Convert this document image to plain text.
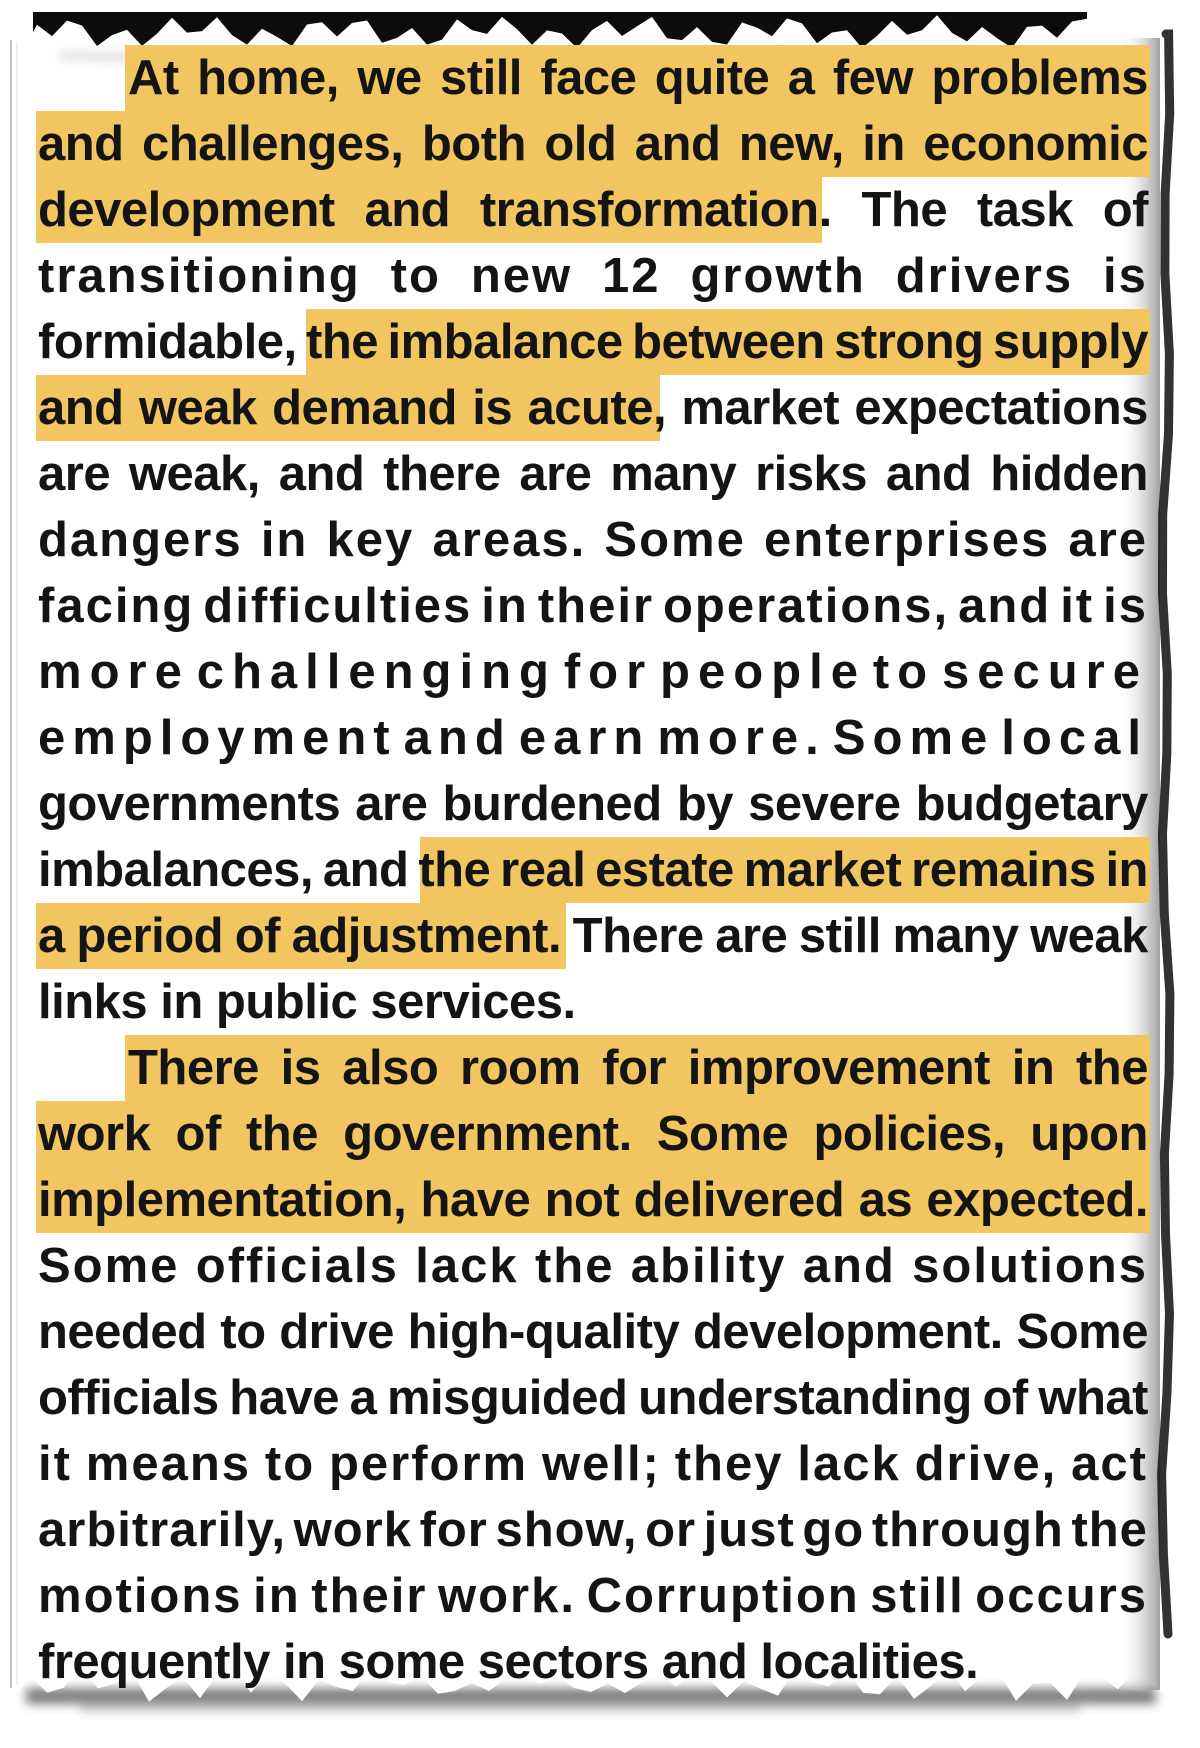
At home, we still face quite a few problems
and challenges, both old and new, in economic
development and transformation. The task of
transitioning to new 12 growth drivers is
formidable, the imbalance between strong supply
and weak demand is acute, market expectations
are weak, and there are many risks and hidden
dangers in key areas. Some enterprises are
facing difficulties in their operations, and it is
more challenging for people to secure
employment and earn more. Some local
governments are burdened by severe budgetary
imbalances, and the real estate market remains in
a period of adjustment. There are still many weak
links in public services.
There is also room for improvement in the
work of the government. Some policies, upon
implementation, have not delivered as expected.
Some officials lack the ability and solutions
needed to drive high-quality development. Some
officials have a misguided understanding of what
it means to perform well; they lack drive, act
arbitrarily, work for show, or just go through the
motions in their work. Corruption still occurs
frequently in some sectors and localities.
